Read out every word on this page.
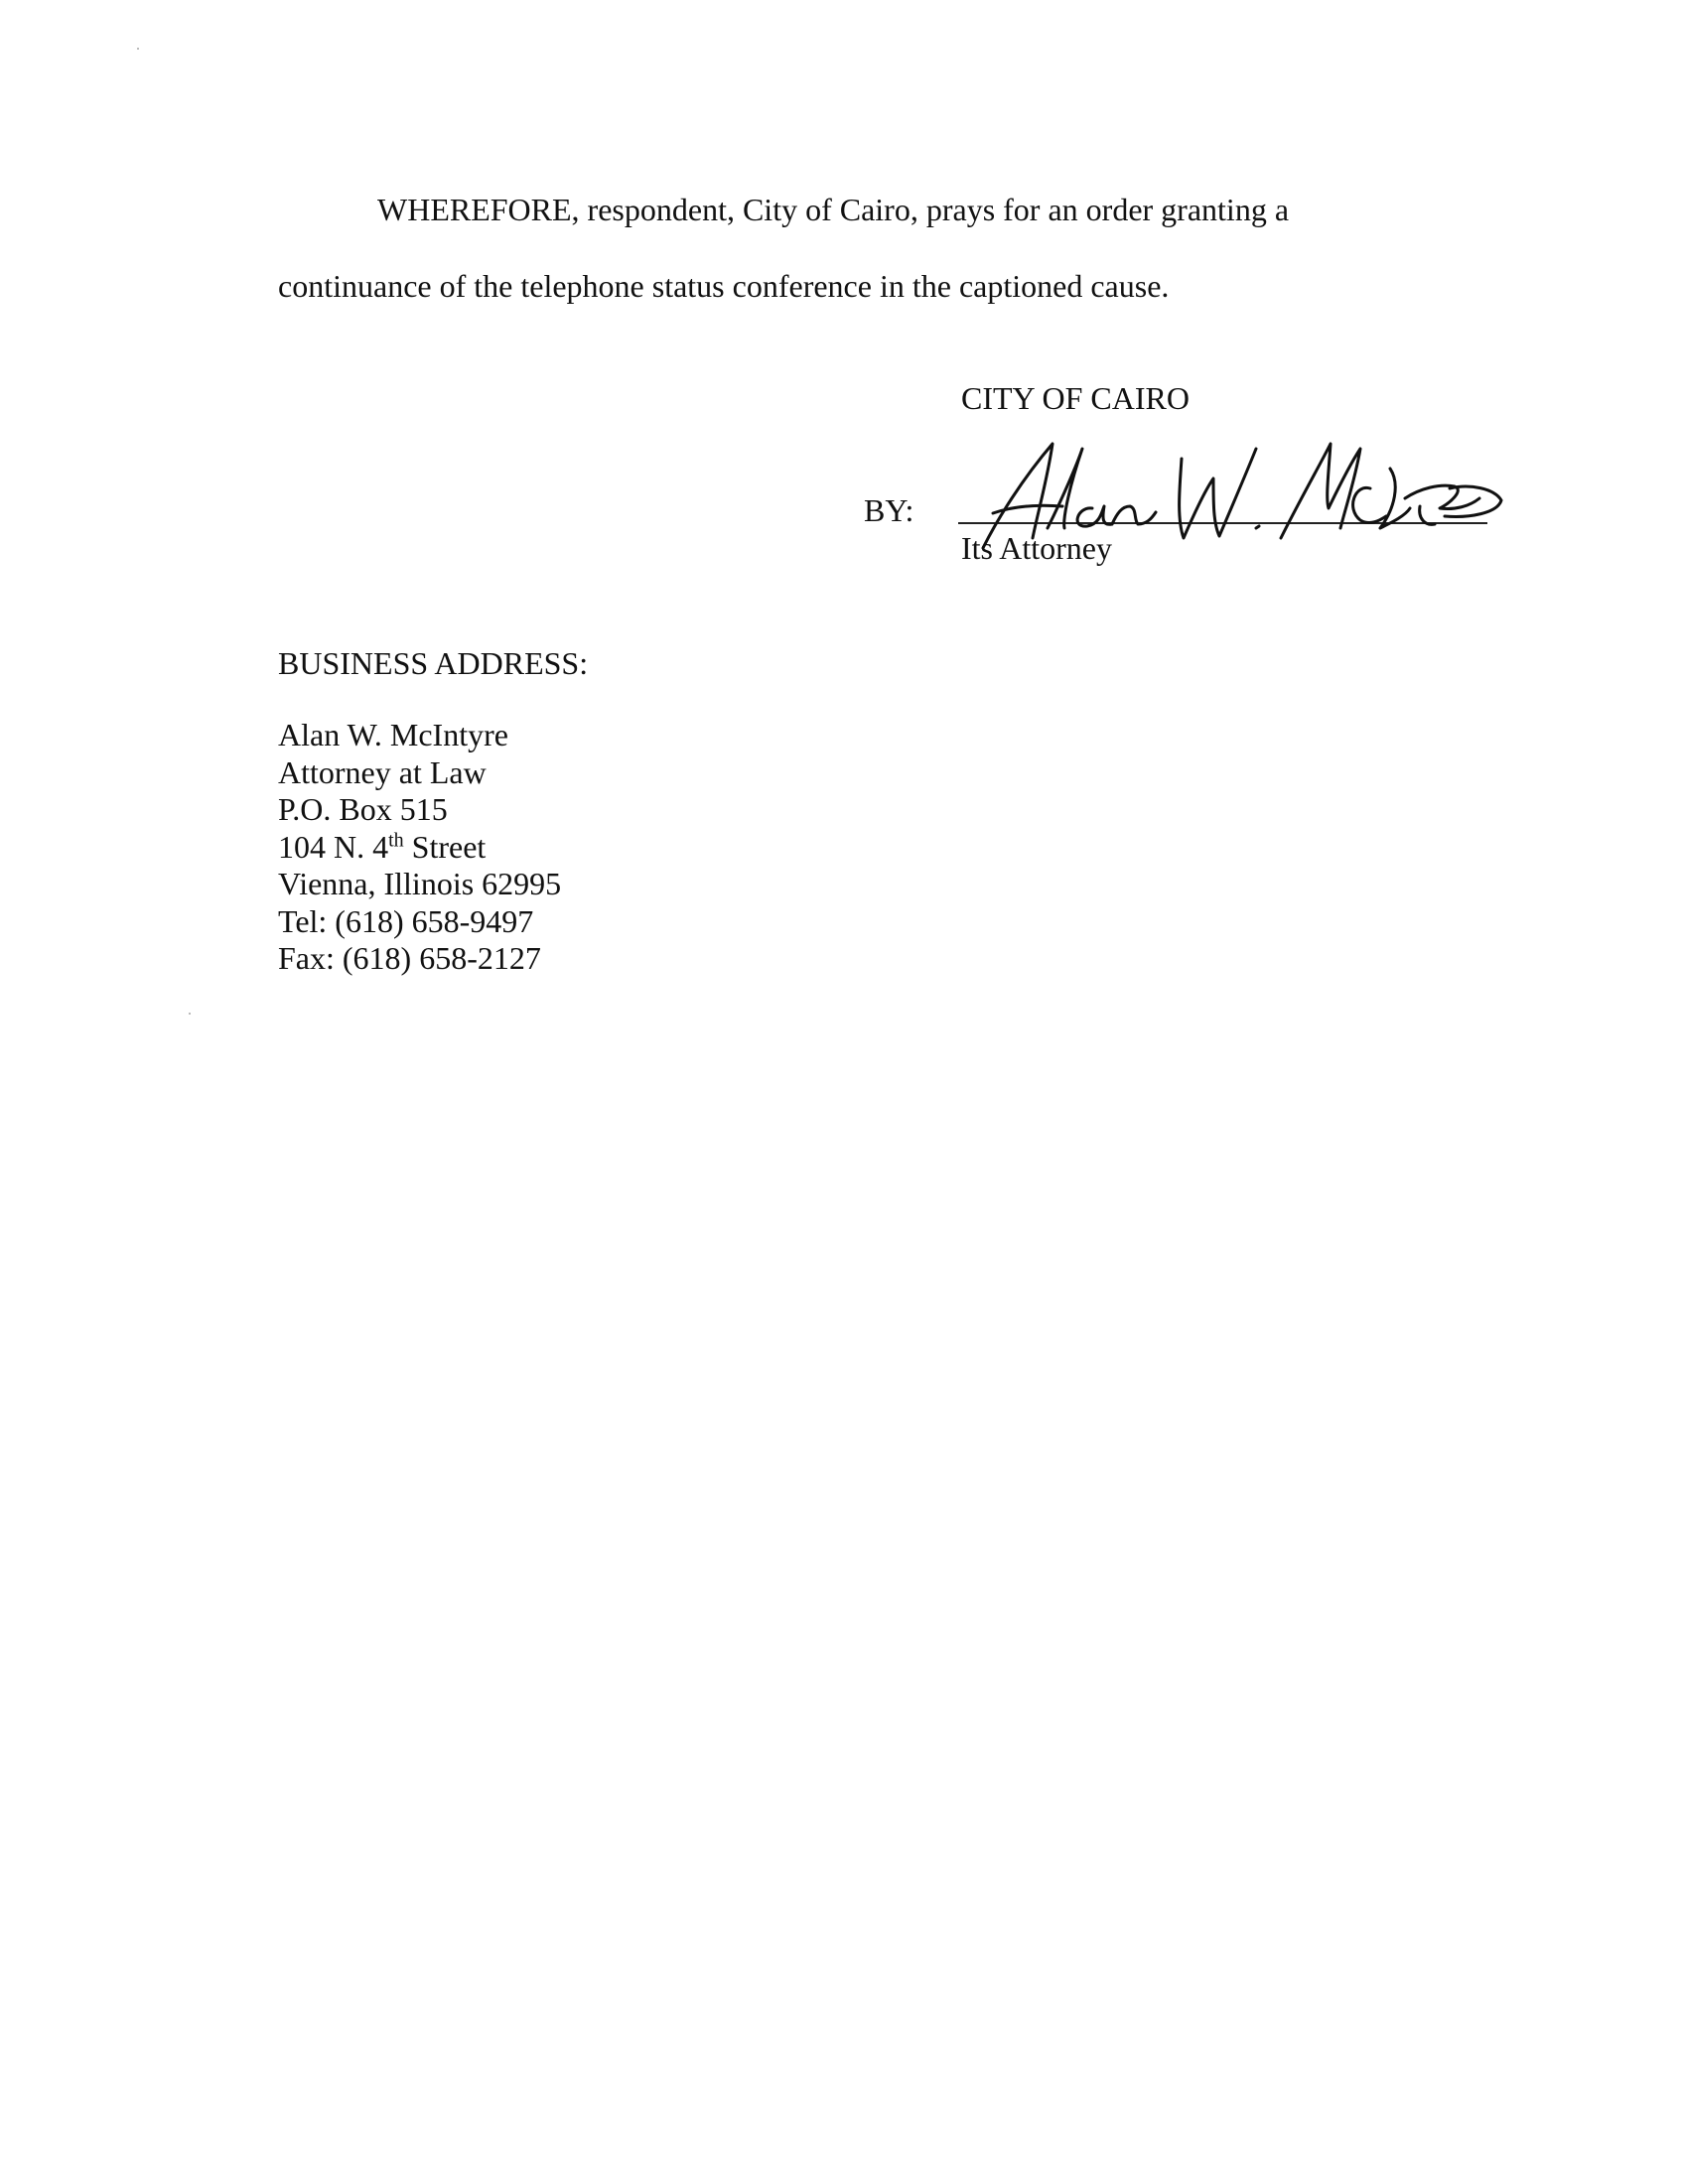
WHEREFORE, respondent, City of Cairo, prays for an order granting a
continuance of the telephone status conference in the captioned cause.
CITY OF CAIRO
BY:
Its Attorney
BUSINESS ADDRESS:
Alan W. McIntyre
Attorney at Law
P.O. Box 515
104 N. 4th Street
Vienna, Illinois 62995
Tel: (618) 658-9497
Fax: (618) 658-2127
